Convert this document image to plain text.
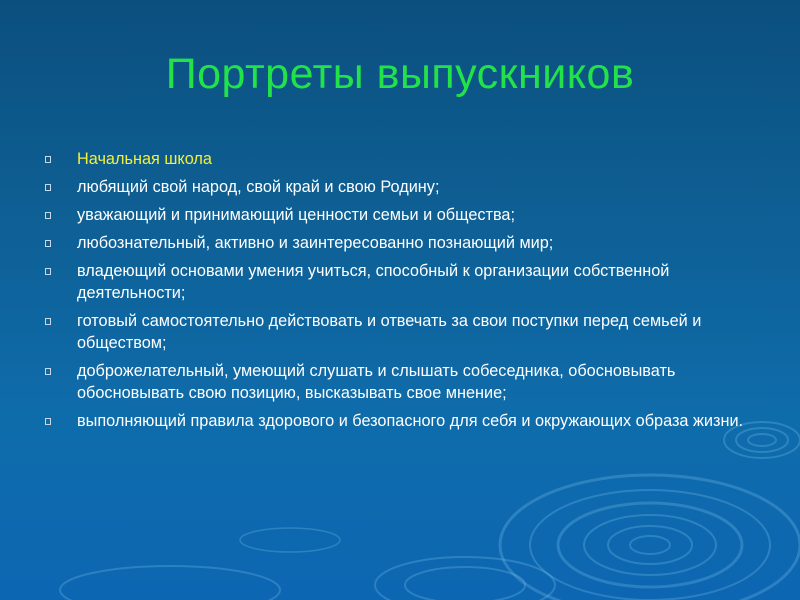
Портреты выпускников
Начальная школа
любящий свой народ, свой край и свою Родину;
уважающий и принимающий ценности семьи и общества;
любознательный, активно и заинтересованно познающий мир;
владеющий основами умения учиться, способный к организации собственной деятельности;
готовый самостоятельно действовать и отвечать за свои поступки перед семьей и обществом;
доброжелательный, умеющий слушать и слышать собеседника, обосновывать обосновывать свою позицию, высказывать свое мнение;
выполняющий правила здорового и безопасного для себя и окружающих образа жизни.
